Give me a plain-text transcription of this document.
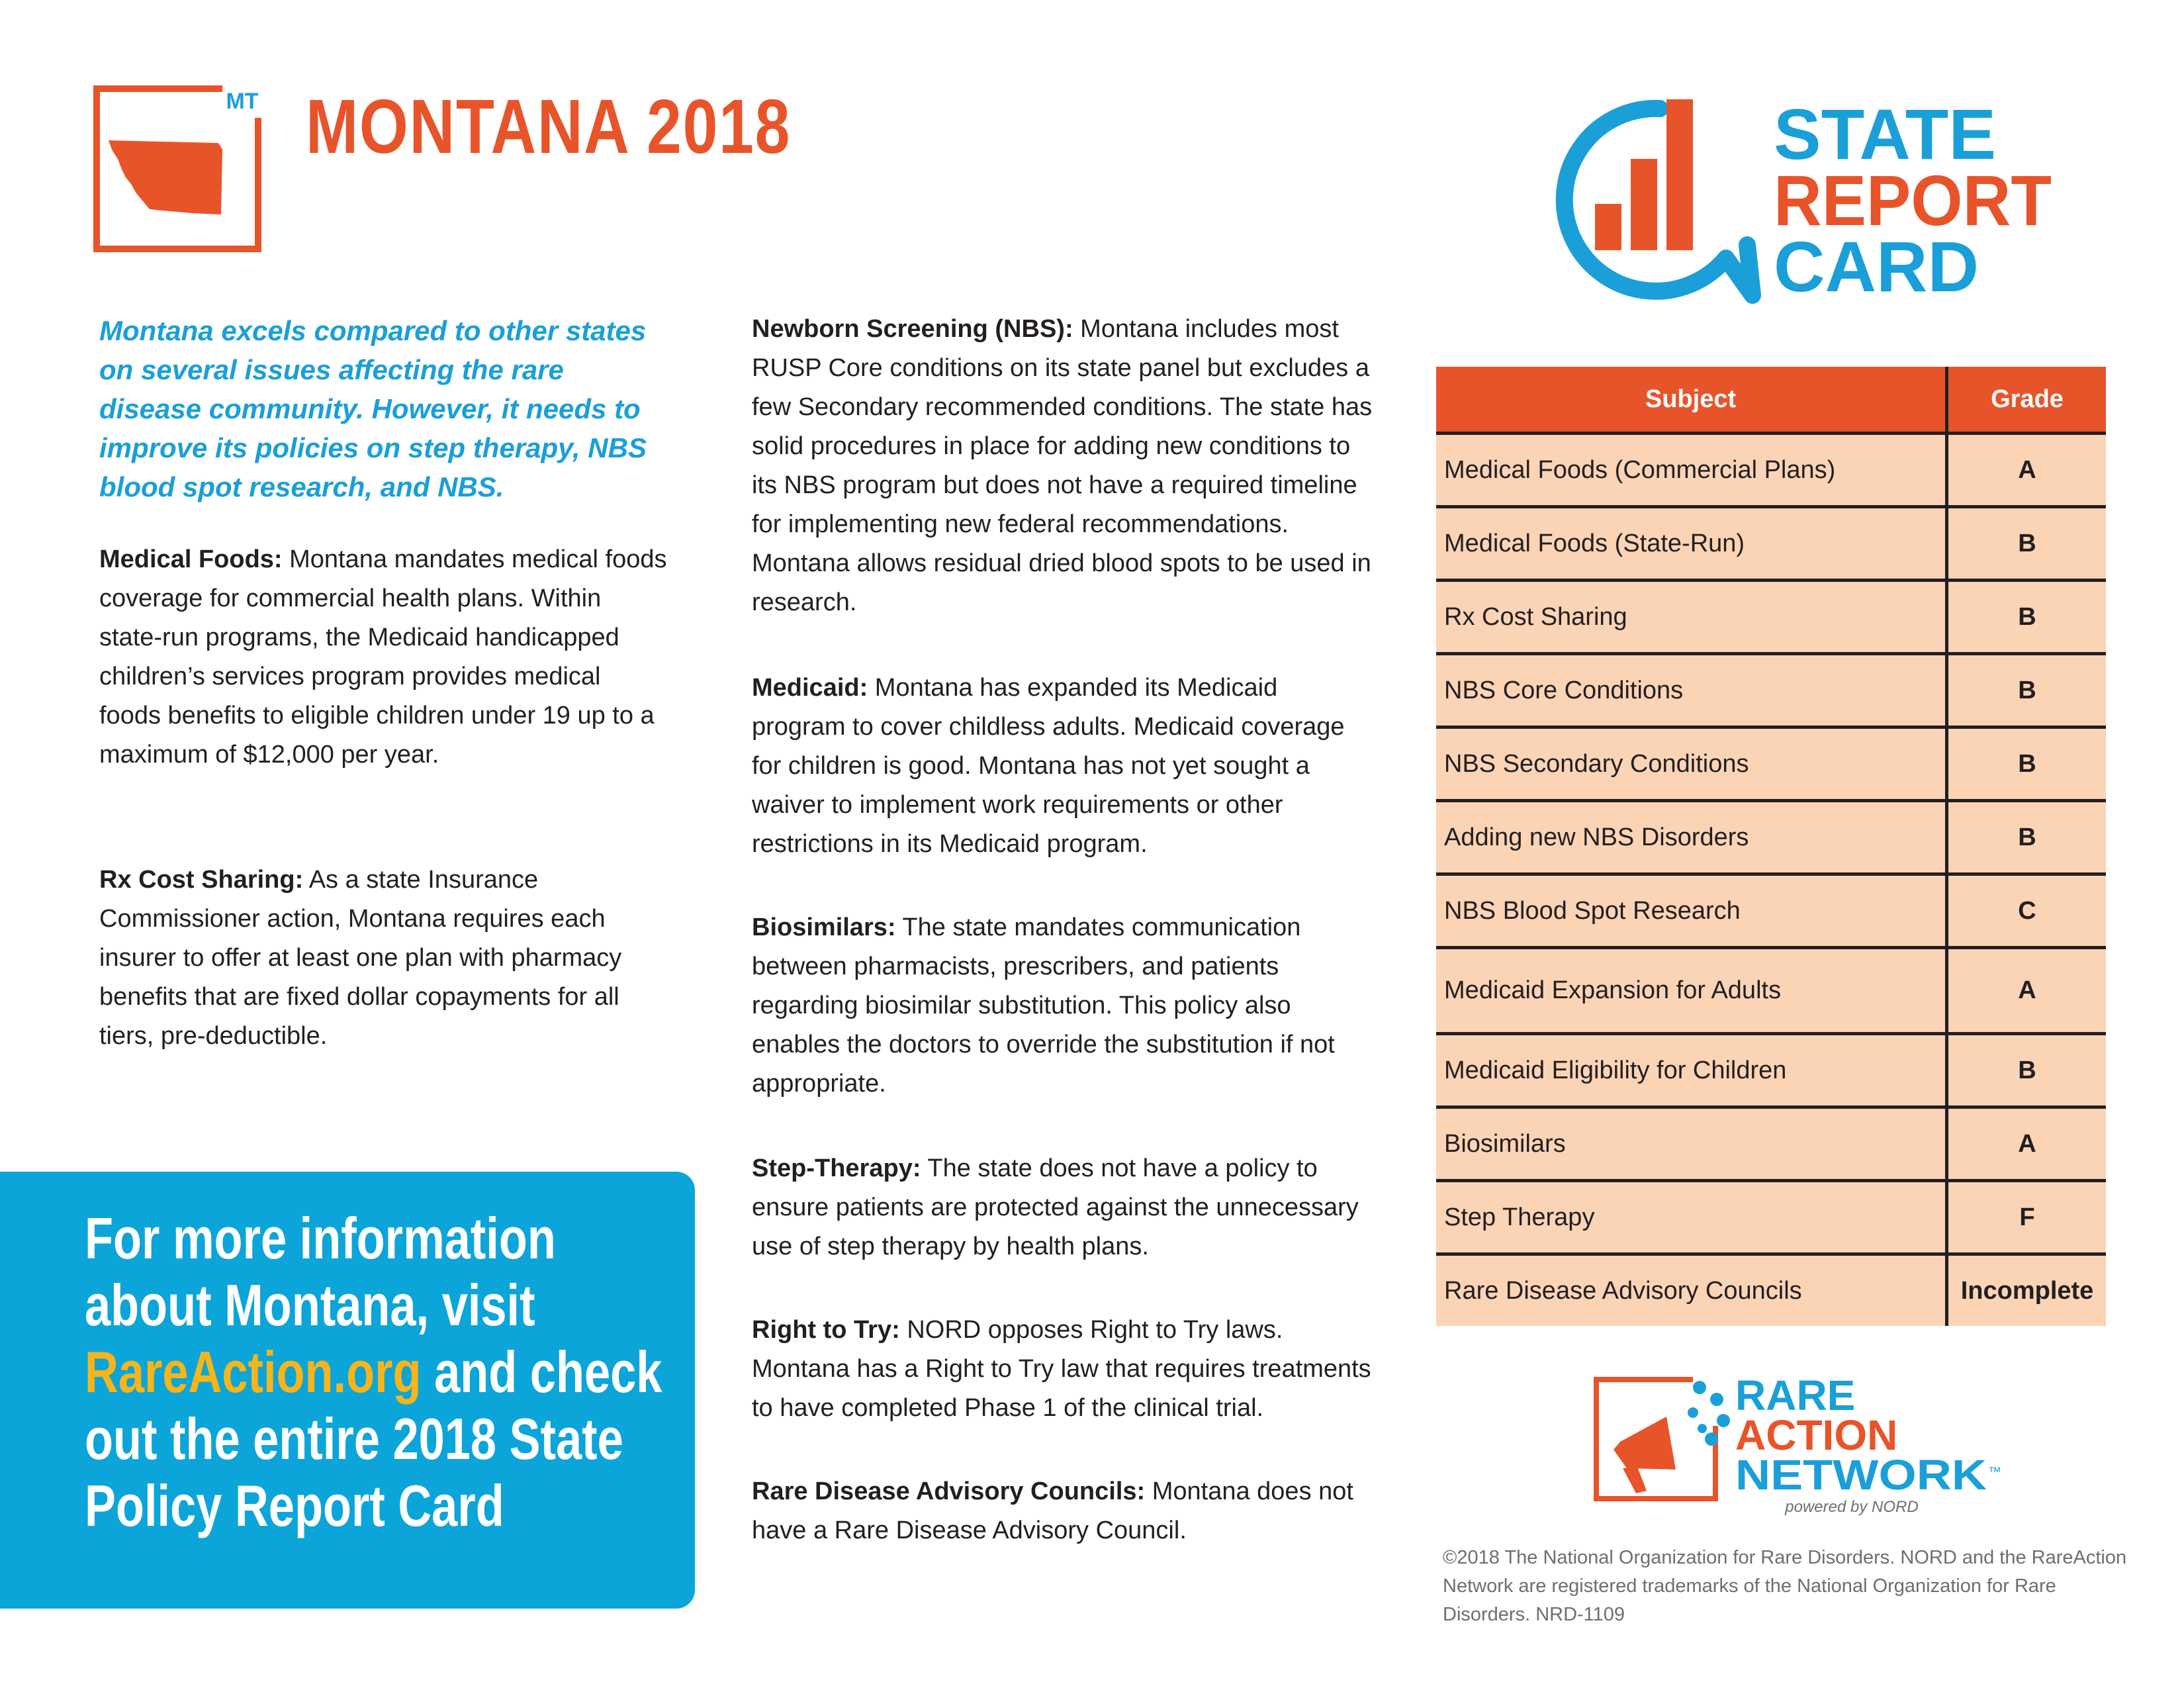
MT MONTANA 2018
Montana excels compared to other states on several issues affecting the rare disease community. However, it needs to improve its policies on step therapy, NBS blood spot research, and NBS.
Medical Foods: Montana mandates medical foods coverage for commercial health plans. Within state-run programs, the Medicaid handicapped children’s services program provides medical foods benefits to eligible children under 19 up to a maximum of $12,000 per year.
Rx Cost Sharing: As a state Insurance Commissioner action, Montana requires each insurer to offer at least one plan with pharmacy benefits that are fixed dollar copayments for all tiers, pre-deductible.
For more information about Montana, visit RareAction.org and check out the entire 2018 State Policy Report Card
Newborn Screening (NBS): Montana includes most RUSP Core conditions on its state panel but excludes a few Secondary recommended conditions. The state has solid procedures in place for adding new conditions to its NBS program but does not have a required timeline for implementing new federal recommendations. Montana allows residual dried blood spots to be used in research.
Medicaid: Montana has expanded its Medicaid program to cover childless adults. Medicaid coverage for children is good. Montana has not yet sought a waiver to implement work requirements or other restrictions in its Medicaid program.
Biosimilars: The state mandates communication between pharmacists, prescribers, and patients regarding biosimilar substitution. This policy also enables the doctors to override the substitution if not appropriate.
Step-Therapy: The state does not have a policy to ensure patients are protected against the unnecessary use of step therapy by health plans.
Right to Try: NORD opposes Right to Try laws. Montana has a Right to Try law that requires treatments to have completed Phase 1 of the clinical trial.
Rare Disease Advisory Councils: Montana does not have a Rare Disease Advisory Council.
STATE
REPORT
CARD
Subject	Grade
Medical Foods (Commercial Plans)	A
Medical Foods (State-Run)	B
Rx Cost Sharing	B
NBS Core Conditions	B
NBS Secondary Conditions	B
Adding new NBS Disorders	B
NBS Blood Spot Research	C
Medicaid Expansion for Adults	A
Medicaid Eligibility for Children	B
Biosimilars	A
Step Therapy	F
Rare Disease Advisory Councils	Incomplete
RARE
ACTION
NETWORK ™
powered by NORD
©2018 The National Organization for Rare Disorders. NORD and the RareAction Network are registered trademarks of the National Organization for Rare Disorders. NRD-1109
